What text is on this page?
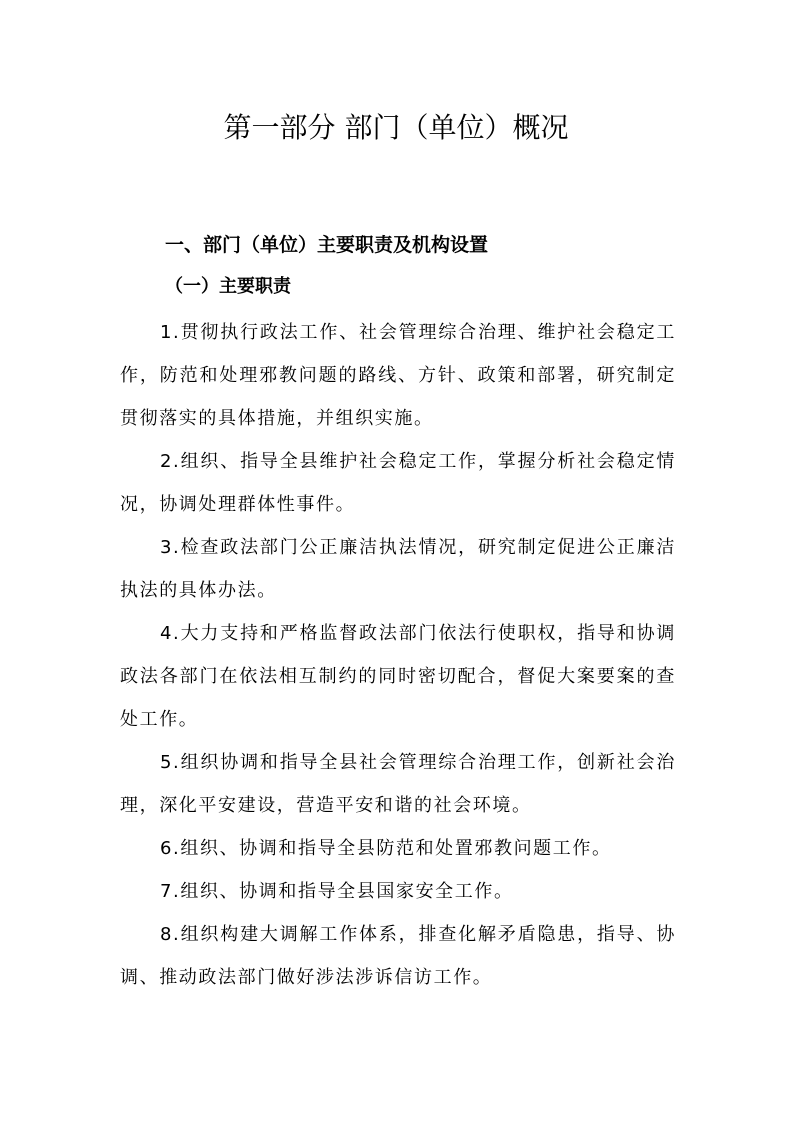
第一部分 部门（单位）概况
一、部门（单位）主要职责及机构设置
（一）主要职责

1.贯彻执行政法工作、社会管理综合治理、维护社会稳定工作，防范和处理邪教问题的路线、方针、政策和部署，研究制定贯彻落实的具体措施，并组织实施。

2.组织、指导全县维护社会稳定工作，掌握分析社会稳定情况，协调处理群体性事件。

3.检查政法部门公正廉洁执法情况，研究制定促进公正廉洁执法的具体办法。

4.大力支持和严格监督政法部门依法行使职权，指导和协调政法各部门在依法相互制约的同时密切配合，督促大案要案的查处工作。

5.组织协调和指导全县社会管理综合治理工作，创新社会治理，深化平安建设，营造平安和谐的社会环境。

6.组织、协调和指导全县防范和处置邪教问题工作。

7.组织、协调和指导全县国家安全工作。

8.组织构建大调解工作体系，排查化解矛盾隐患，指导、协调、推动政法部门做好涉法涉诉信访工作。
